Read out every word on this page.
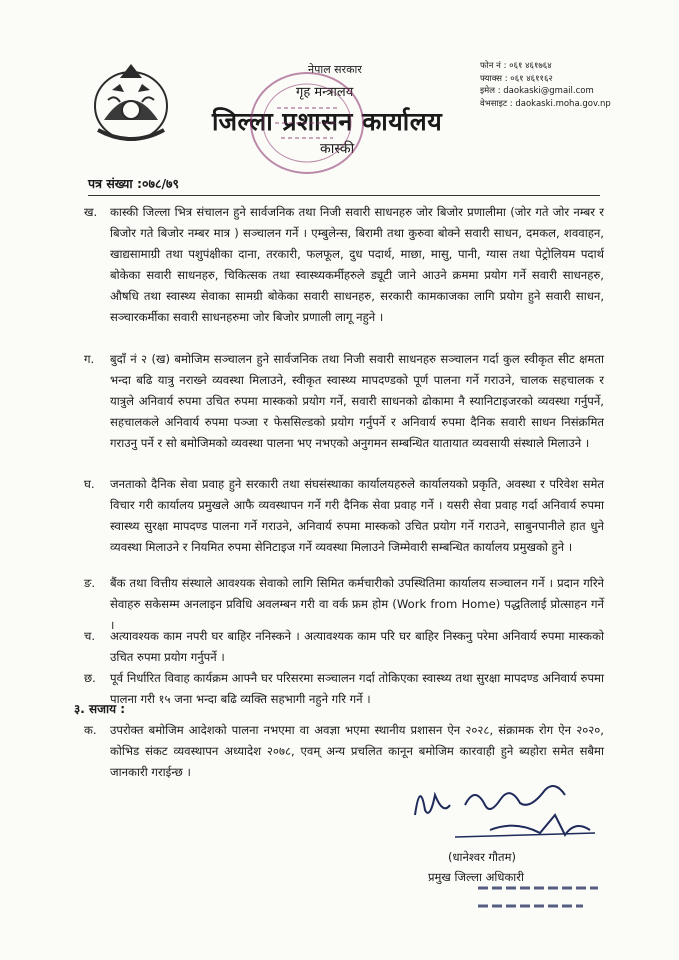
नेपाल सरकार
गृह मन्त्रालय
जिल्ला प्रशासन कार्यालय
कास्की
फोन नं : ०६१ ४६१७६४
फ्याक्स : ०६१ ४६११६२
इमेल : daokaski@gmail.com
वेभसाइट : daokaski.moha.gov.np
पत्र संख्या :०७८/७९
ख. कास्की जिल्ला भित्र संचालन हुने सार्वजनिक तथा निजी सवारी साधनहरु जोर बिजोर प्रणालीमा (जोर गते जोर नम्बर र बिजोर गते बिजोर नम्बर मात्र ) सञ्चालन गर्ने । एम्बुलेन्स, बिरामी तथा कुरुवा बोक्ने सवारी साधन, दमकल, शववाहन, खाद्यसामाग्री तथा पशुपंक्षीका दाना, तरकारी, फलफूल, दुध पदार्थ, माछा, मासु, पानी, ग्यास तथा पेट्रोलियम पदार्थ बोकेका सवारी साधनहरु, चिकित्सक तथा स्वास्थ्यकर्मीहरुले ड्यूटी जाने आउने क्रममा प्रयोग गर्ने सवारी साधनहरु, औषधि तथा स्वास्थ्य सेवाका सामग्री बोकेका सवारी साधनहरु, सरकारी कामकाजका लागि प्रयोग हुने सवारी साधन, सञ्चारकर्मीका सवारी साधनहरुमा जोर बिजोर प्रणाली लागू नहुने ।
ग. बुदाँ नं २ (ख) बमोजिम सञ्चालन हुने सार्वजनिक तथा निजी सवारी साधनहरु सञ्चालन गर्दा कुल स्वीकृत सीट क्षमता भन्दा बढि यात्रु नराख्ने व्यवस्था मिलाउने, स्वीकृत स्वास्थ्य मापदण्डको पूर्ण पालना गर्ने गराउने, चालक सहचालक र यात्रुले अनिवार्य रुपमा उचित रुपमा मास्कको प्रयोग गर्ने, सवारी साधनको ढोकामा नै स्यानिटाइजरको व्यवस्था गर्नुपर्ने, सहचालकले अनिवार्य रुपमा पञ्जा र फेससिल्डको प्रयोग गर्नुपर्ने र अनिवार्य रुपमा दैनिक सवारी साधन निसंक्रमित गराउनु पर्ने र सो बमोजिमको व्यवस्था पालना भए नभएको अनुगमन सम्बन्धित यातायात व्यवसायी संस्थाले मिलाउने ।
घ. जनताको दैनिक सेवा प्रवाह हुने सरकारी तथा संघसंस्थाका कार्यालयहरुले कार्यालयको प्रकृति, अवस्था र परिवेश समेत विचार गरी कार्यालय प्रमुखले आफै व्यवस्थापन गर्ने गरी दैनिक सेवा प्रवाह गर्ने । यसरी सेवा प्रवाह गर्दा अनिवार्य रुपमा स्वास्थ्य सुरक्षा मापदण्ड पालना गर्ने गराउने, अनिवार्य रुपमा मास्कको उचित प्रयोग गर्ने गराउने, साबुनपानीले हात धुने व्यवस्था मिलाउने र नियमित रुपमा सेनिटाइज गर्ने व्यवस्था मिलाउने जिम्मेवारी सम्बन्धित कार्यालय प्रमुखको हुने ।
ङ. बैंक तथा वित्तीय संस्थाले आवश्यक सेवाको लागि सिमित कर्मचारीको उपस्थितिमा कार्यालय सञ्चालन गर्ने । प्रदान गरिने सेवाहरु सकेसम्म अनलाइन प्रविधि अवलम्बन गरी वा वर्क फ्रम होम (Work from Home) पद्धतिलाई प्रोत्साहन गर्ने ।
च. अत्यावश्यक काम नपरी घर बाहिर ननिस्कने । अत्यावश्यक काम परि घर बाहिर निस्कनु परेमा अनिवार्य रुपमा मास्कको उचित रुपमा प्रयोग गर्नुपर्ने ।
छ. पूर्व निर्धारित विवाह कार्यक्रम आफ्नै घर परिसरमा सञ्चालन गर्दा तोकिएका स्वास्थ्य तथा सुरक्षा मापदण्ड अनिवार्य रुपमा पालना गरी १५ जना भन्दा बढि व्यक्ति सहभागी नहुने गरि गर्ने ।
३. सजाय :
क. उपरोक्त बमोजिम आदेशको पालना नभएमा वा अवज्ञा भएमा स्थानीय प्रशासन ऐन २०२८, संक्रामक रोग ऐन २०२०, कोभिड संकट व्यवस्थापन अध्यादेश २०७८, एवम् अन्य प्रचलित कानून बमोजिम कारवाही हुने ब्यहोरा समेत सबैमा जानकारी गराईन्छ ।
(धानेश्वर गौतम)
प्रमुख जिल्ला अधिकारी
